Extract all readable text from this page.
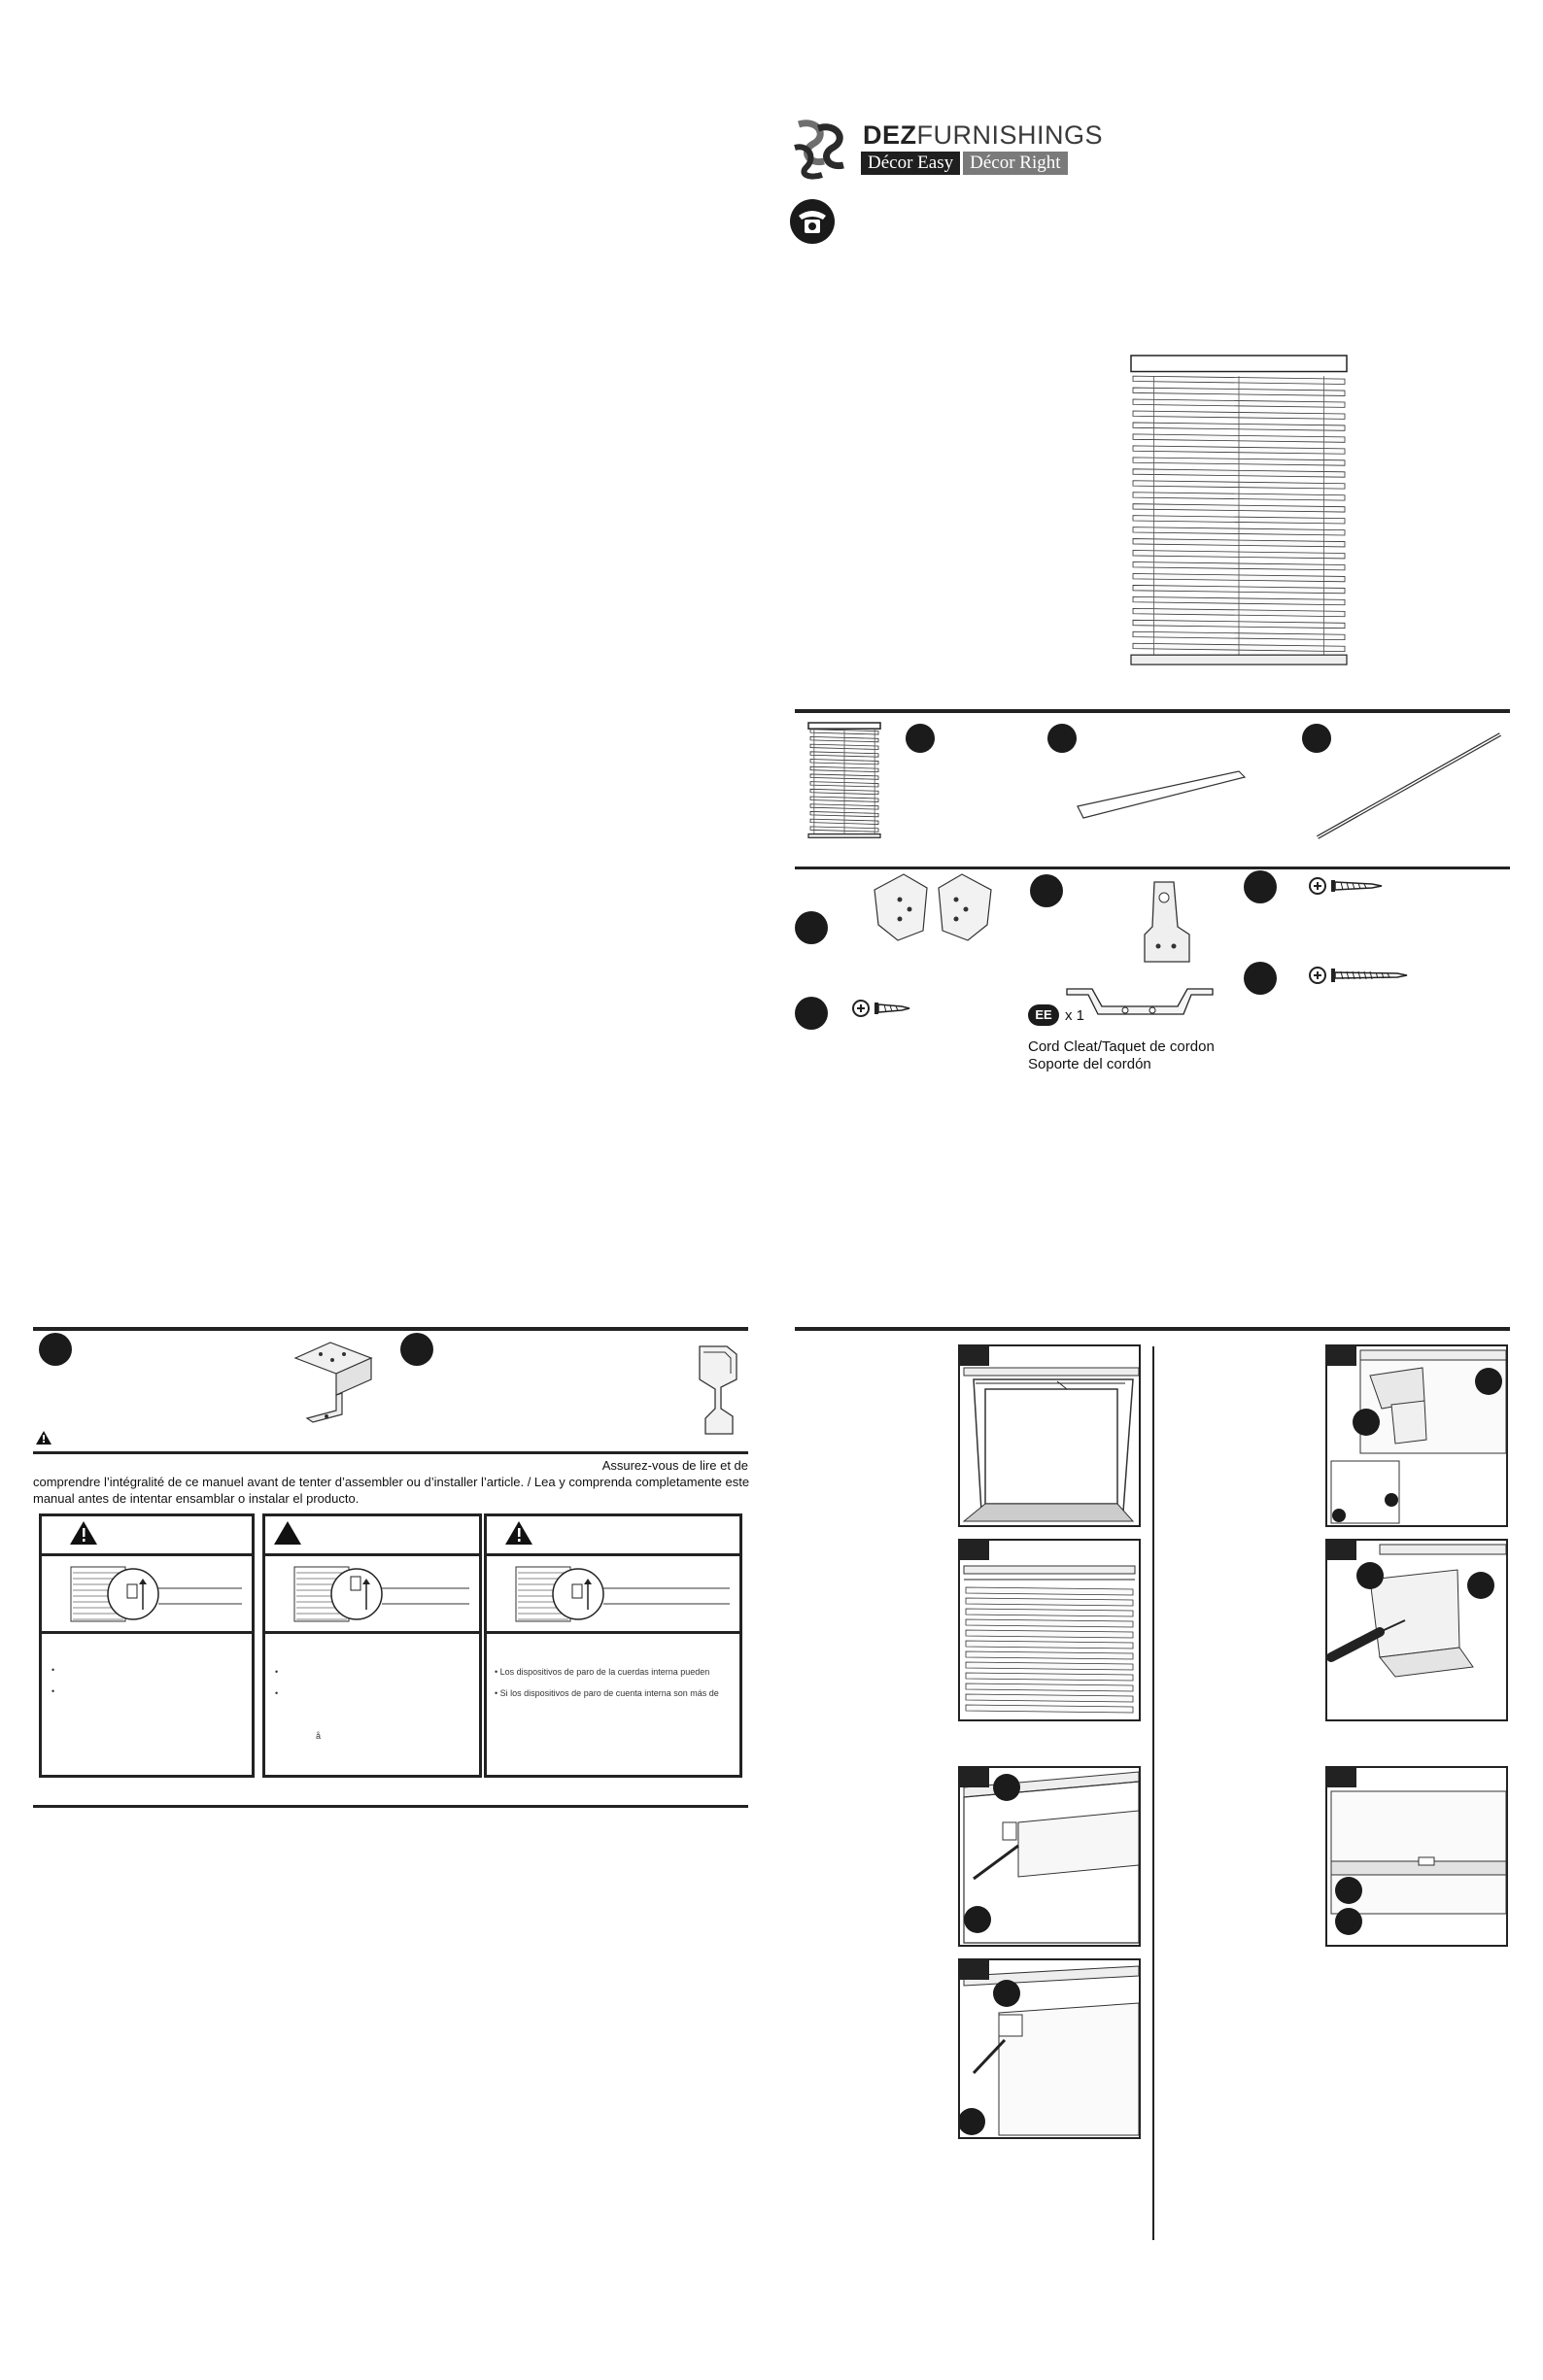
DEZFURNISHINGS
Décor Easy Décor Right
EE x 1
Cord Cleat/Taquet de cordon
Soporte del cordón
Assurez-vous de lire et de
comprendre l’intégralité de ce manuel avant de tenter d’assembler ou d’installer l’article. / Lea y comprenda completamente este
manual antes de intentar ensamblar o instalar el producto.
•
•
•
•
å
• Los dispositivos de paro de la cuerdas interna pueden
• Si los dispositivos de paro de cuenta interna son más de
